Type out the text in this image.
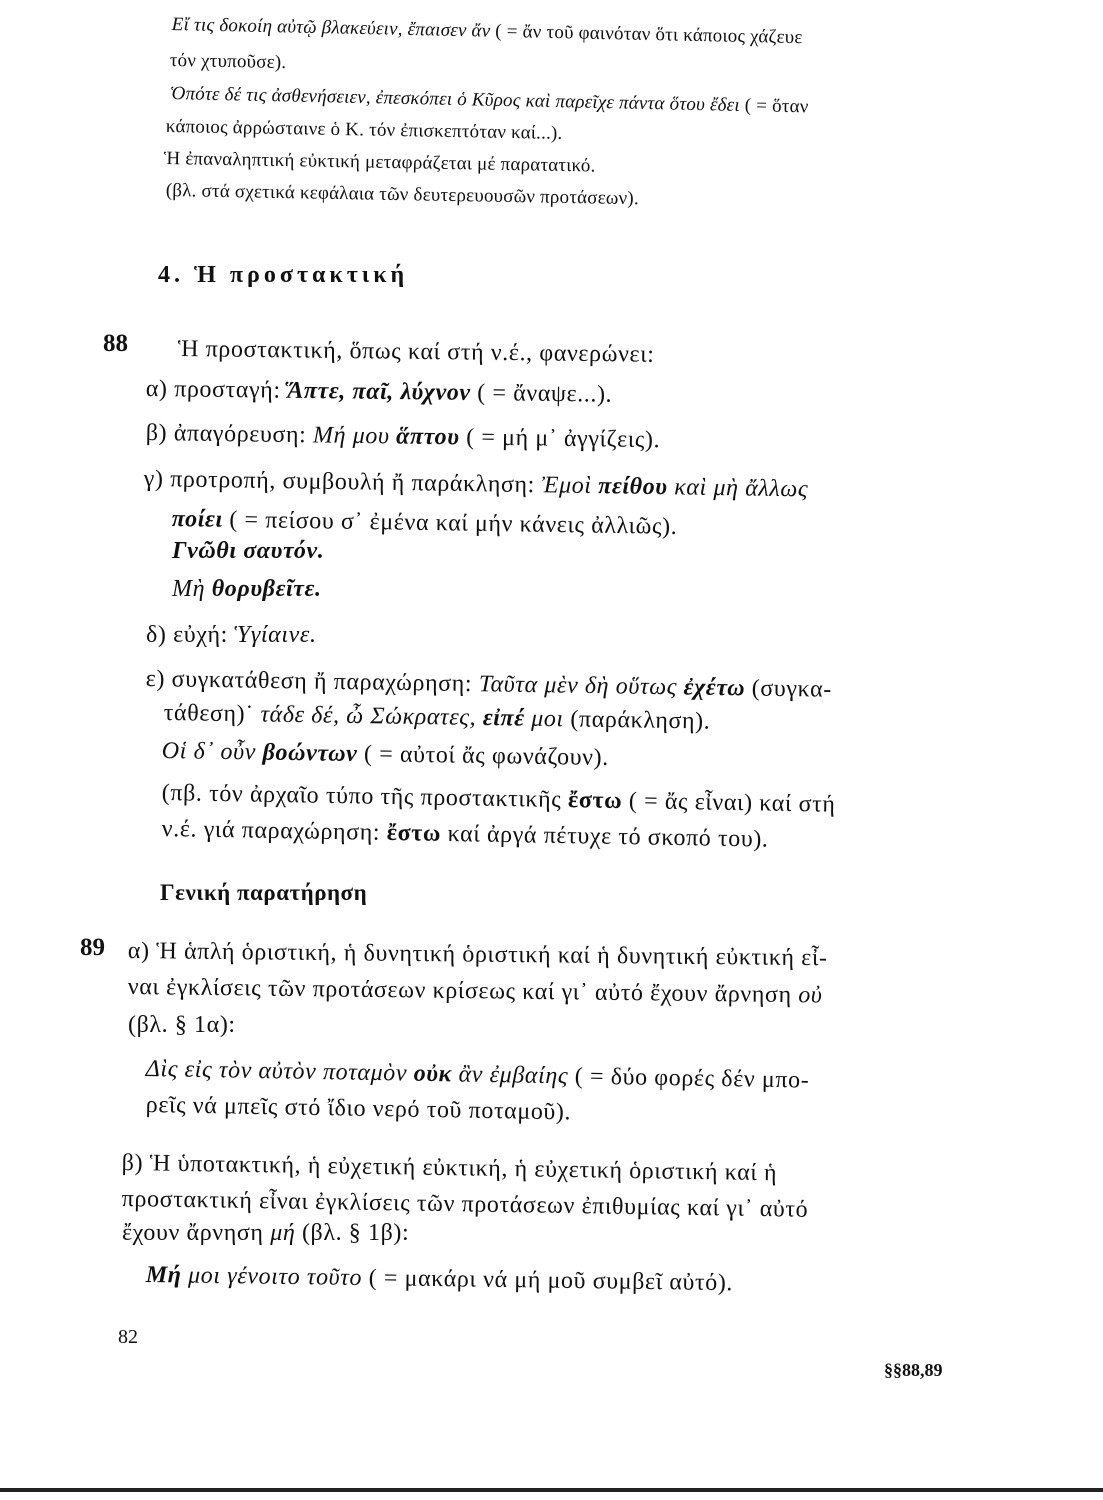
Εἴ τις δοκοίη αὐτῷ βλακεύειν, ἔπαισεν ἄν ( = ἄν τοῦ φαινόταν ὅτι κάποιος χάζευε
τόν χτυποῦσε).
Ὁπότε δέ τις ἀσθενήσειεν, ἐπεσκόπει ὁ Κῦρος καὶ παρεῖχε πάντα ὅτου ἔδει ( = ὅταν
κάποιος ἀρρώσταινε ὁ Κ. τόν ἐπισκεπτόταν καί...).
Ἡ ἐπαναληπτική εὐκτική μεταφράζεται μέ παρατατικό.
(βλ. στά σχετικά κεφάλαια τῶν δευτερευουσῶν προτάσεων).
4. Ἡ προστακτική
88 Ἡ προστακτική, ὅπως καί στή ν.έ., φανερώνει:
α) προσταγή: Ἅπτε, παῖ, λύχνον ( = ἄναψε...).
β) ἀπαγόρευση: Μή μου ἅπτου ( = μή μ᾽ ἀγγίζεις).
γ) προτροπή, συμβουλή ἤ παράκληση: Ἐμοὶ πείθου καὶ μὴ ἄλλως
ποίει ( = πείσου σ᾽ ἐμένα καί μήν κάνεις ἀλλιῶς).
Γνῶθι σαυτόν.
Μὴ θορυβεῖτε.
δ) εὐχή: Ὑγίαινε.
ε) συγκατάθεση ἤ παραχώρηση: Ταῦτα μὲν δὴ οὕτως ἐχέτω (συγκα-
τάθεση)˙ τάδε δέ, ὦ Σώκρατες, εἰπέ μοι (παράκληση).
Οἱ δ᾽ οὖν βοώντων ( = αὐτοί ἄς φωνάζουν).
(πβ. τόν ἀρχαῖο τύπο τῆς προστακτικῆς ἔστω ( = ἄς εἶναι) καί στή
ν.έ. γιά παραχώρηση: ἔστω καί ἀργά πέτυχε τό σκοπό του).
Γενική παρατήρηση
89 α) Ἡ ἁπλή ὁριστική, ἡ δυνητική ὁριστική καί ἡ δυνητική εὐκτική εἶ-
ναι ἐγκλίσεις τῶν προτάσεων κρίσεως καί γι᾽ αὐτό ἔχουν ἄρνηση οὐ
(βλ. § 1α):
Δὶς εἰς τὸν αὐτὸν ποταμὸν οὐκ ἂν ἐμβαίης ( = δύο φορές δέν μπο-
ρεῖς νά μπεῖς στό ἴδιο νερό τοῦ ποταμοῦ).
β) Ἡ ὑποτακτική, ἡ εὐχετική εὐκτική, ἡ εὐχετική ὁριστική καί ἡ
προστακτική εἶναι ἐγκλίσεις τῶν προτάσεων ἐπιθυμίας καί γι᾽ αὐτό
ἔχουν ἄρνηση μή (βλ. § 1β):
Μή μοι γένοιτο τοῦτο ( = μακάρι νά μή μοῦ συμβεῖ αὐτό).
82
§§88,89
